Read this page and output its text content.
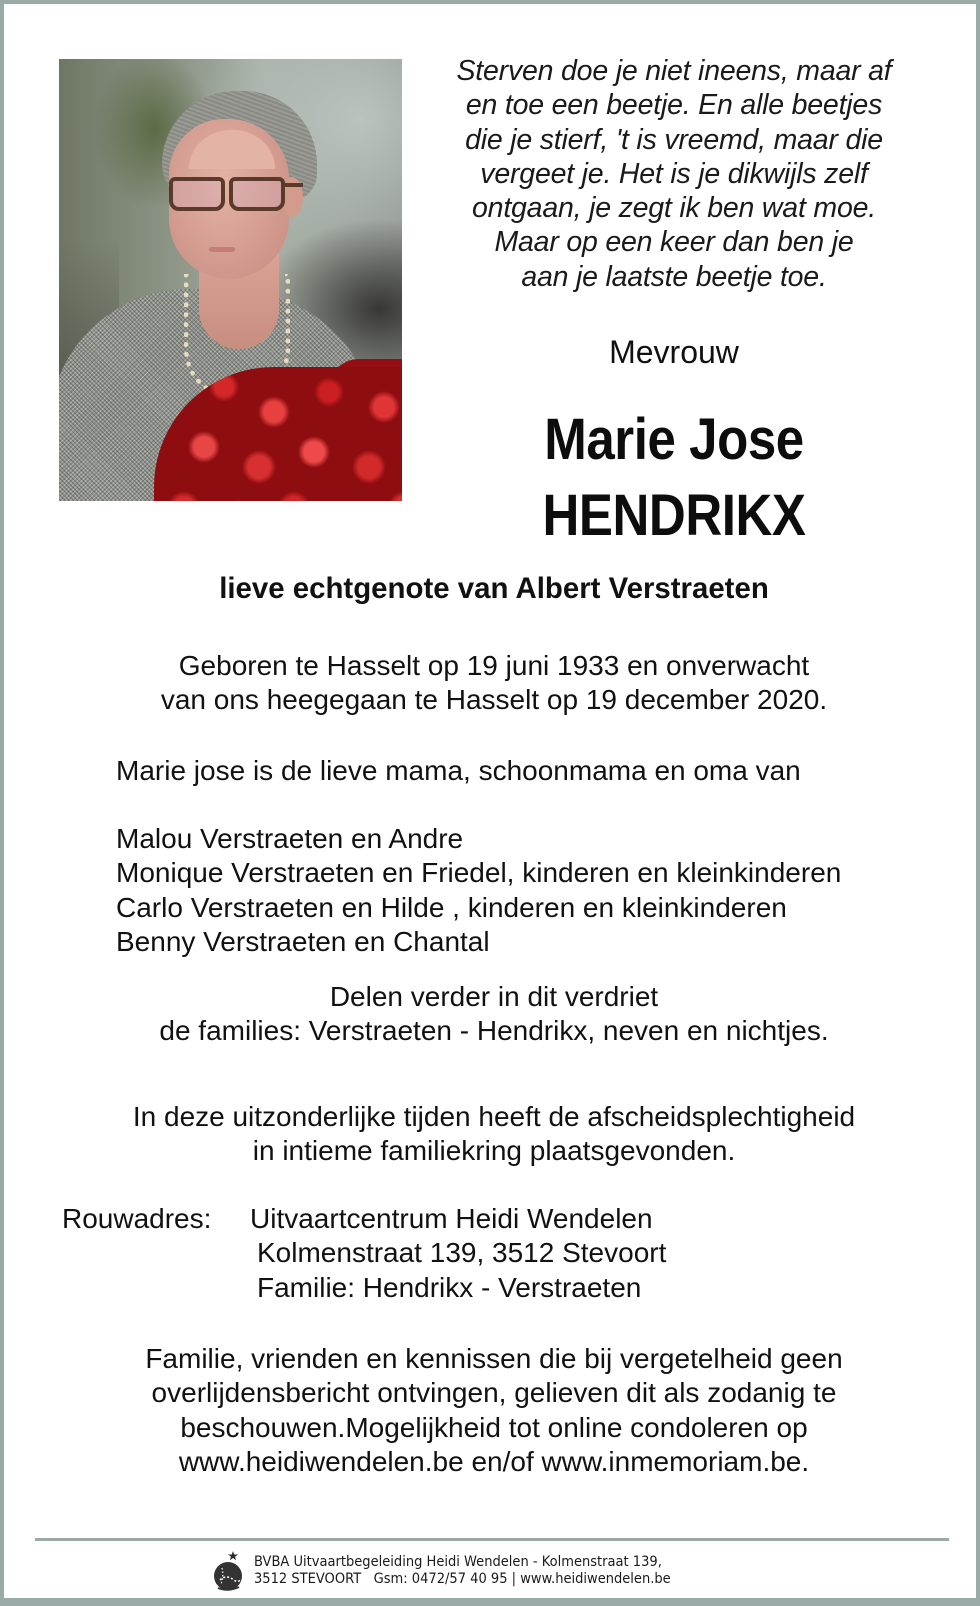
Sterven doe je niet ineens, maar af
en toe een beetje. En alle beetjes
die je stierf, 't is vreemd, maar die
vergeet je. Het is je dikwijls zelf
ontgaan, je zegt ik ben wat moe.
Maar op een keer dan ben je
aan je laatste beetje toe.
Mevrouw
Marie Jose
HENDRIKX
lieve echtgenote van Albert Verstraeten
Geboren te Hasselt op 19 juni 1933 en onverwacht
van ons heegegaan te Hasselt op 19 december 2020.
Marie jose is de lieve mama, schoonmama en oma van
Malou Verstraeten en Andre
Monique Verstraeten en Friedel, kinderen en kleinkinderen
Carlo Verstraeten en Hilde , kinderen en kleinkinderen
Benny Verstraeten en Chantal
Delen verder in dit verdriet
de families: Verstraeten - Hendrikx, neven en nichtjes.
In deze uitzonderlijke tijden heeft de afscheidsplechtigheid
in intieme familiekring plaatsgevonden.
Rouwadres: Uitvaartcentrum Heidi Wendelen
Kolmenstraat 139, 3512 Stevoort
Familie: Hendrikx - Verstraeten
Familie, vrienden en kennissen die bij vergetelheid geen
overlijdensbericht ontvingen, gelieven dit als zodanig te
beschouwen.Mogelijkheid tot online condoleren op
www.heidiwendelen.be en/of www.inmemoriam.be.
BVBA Uitvaartbegeleiding Heidi Wendelen - Kolmenstraat 139,
3512 STEVOORT   Gsm: 0472/57 40 95 | www.heidiwendelen.be
